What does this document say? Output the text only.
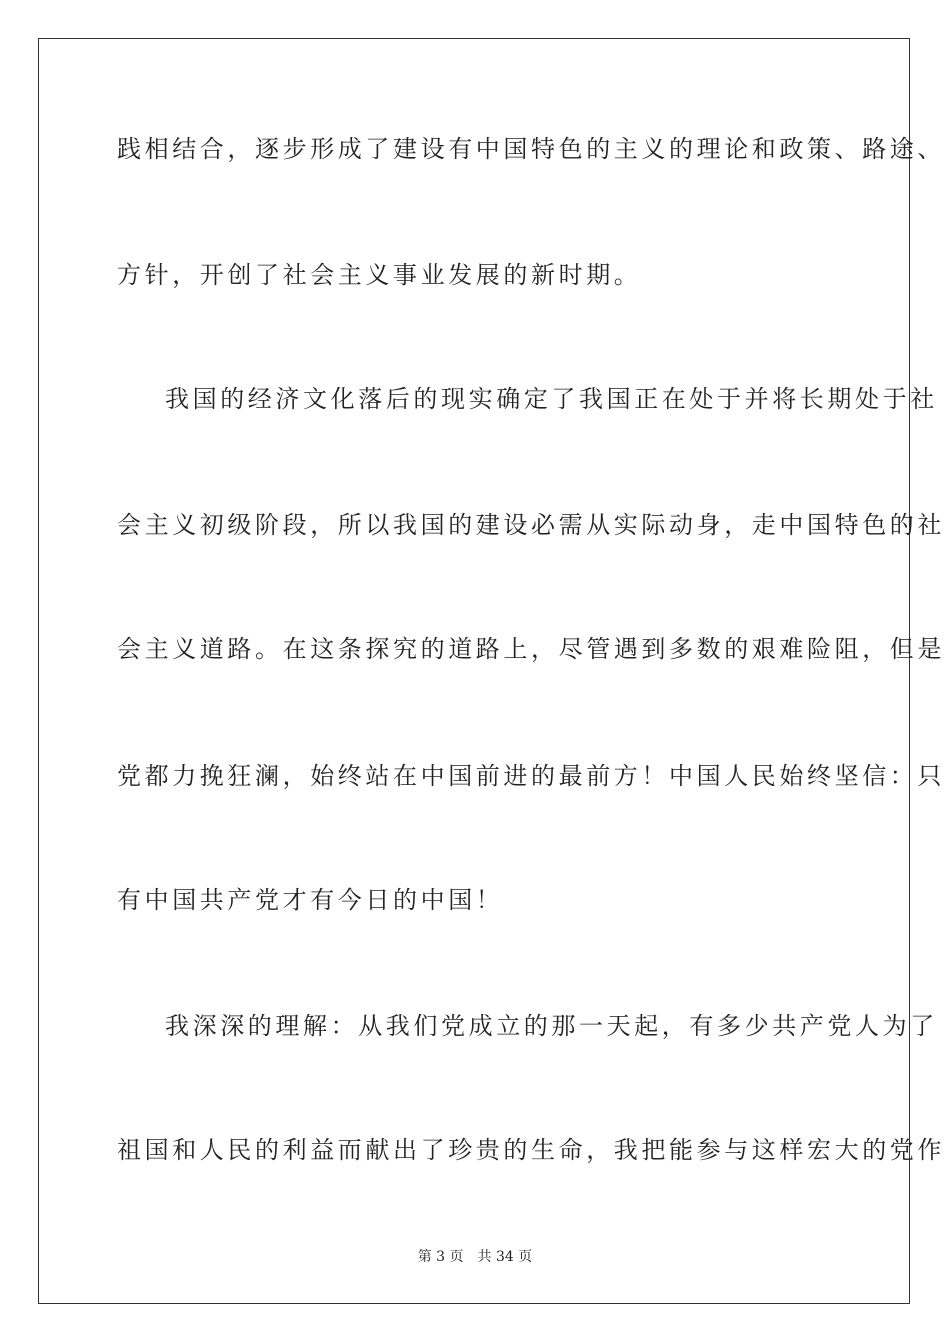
践相结合，逐步形成了建设有中国特色的主义的理论和政策、路途、
方针，开创了社会主义事业发展的新时期。
我国的经济文化落后的现实确定了我国正在处于并将长期处于社
会主义初级阶段，所以我国的建设必需从实际动身，走中国特色的社
会主义道路。在这条探究的道路上，尽管遇到多数的艰难险阻，但是
党都力挽狂澜，始终站在中国前进的最前方！中国人民始终坚信：只
有中国共产党才有今日的中国！
我深深的理解：从我们党成立的那一天起，有多少共产党人为了
祖国和人民的利益而献出了珍贵的生命，我把能参与这样宏大的党作
第 3 页　共 34 页
